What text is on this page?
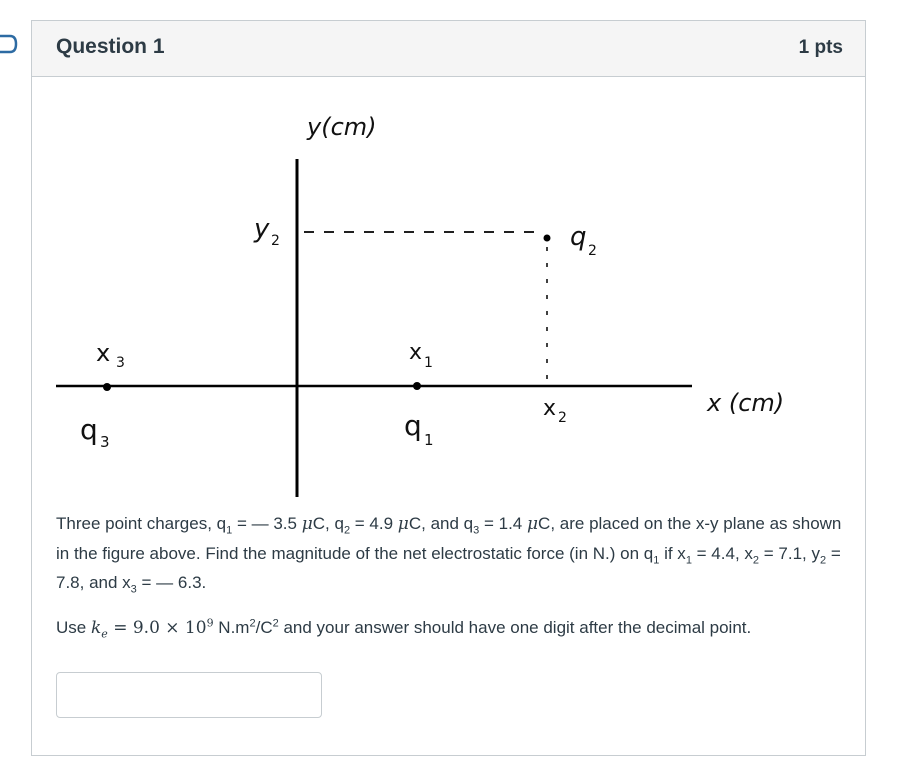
Question 1	1 pts
y(cm)
y 2	q 2
x 3
q 3
x 1
q 1
x 2
x (cm)
Three point charges, $q_1$ = — 3.5 μC, $q_2 = 4.9$ μC, and $q_3 = 1.4$ μC, are placed on the x-y plane as shown in the figure above. Find the magnitude of the net electrostatic force (in N.) on $q_1$ if $x_1 = 4.4$, $x_2 = 7.1$, $y_2 = 7.8$, and $x_3$ = — 6.3.
Use $k_e = 9.0 \times 10^9$ $N.m^2/C^2$ and your answer should have one digit after the decimal point.
